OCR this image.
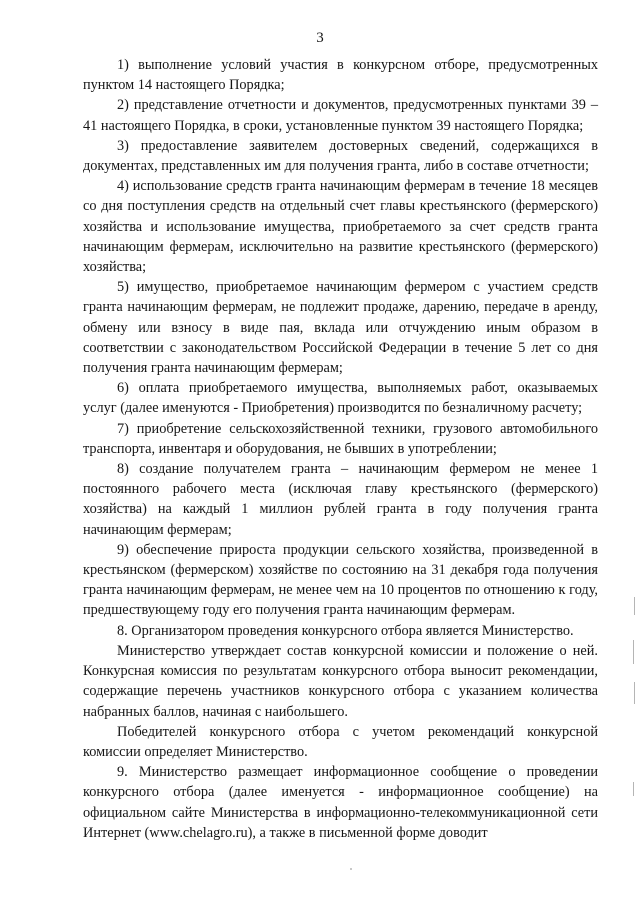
3

1) выполнение условий участия в конкурсном отборе, предусмотренных пунктом 14 настоящего Порядка;

2) представление отчетности и документов, предусмотренных пунктами 39 – 41 настоящего Порядка, в сроки, установленные пунктом 39 настоящего Порядка;

3) предоставление заявителем достоверных сведений, содержащихся в документах, представленных им для получения гранта, либо в составе отчетности;

4) использование средств гранта начинающим фермерам в течение 18 месяцев со дня поступления средств на отдельный счет главы крестьянского (фермерского) хозяйства и использование имущества, приобретаемого за счет средств гранта начинающим фермерам, исключительно на развитие крестьянского (фермерского) хозяйства;

5) имущество, приобретаемое начинающим фермером с участием средств гранта начинающим фермерам, не подлежит продаже, дарению, передаче в аренду, обмену или взносу в виде пая, вклада или отчуждению иным образом в соответствии с законодательством Российской Федерации в течение 5 лет со дня получения гранта начинающим фермерам;

6) оплата приобретаемого имущества, выполняемых работ, оказываемых услуг (далее именуются - Приобретения) производится по безналичному расчету;

7) приобретение сельскохозяйственной техники, грузового автомобильного транспорта, инвентаря и оборудования, не бывших в употреблении;

8) создание получателем гранта – начинающим фермером не менее 1 постоянного рабочего места (исключая главу крестьянского (фермерского) хозяйства) на каждый 1 миллион рублей гранта в году получения гранта начинающим фермерам;

9) обеспечение прироста продукции сельского хозяйства, произведенной в крестьянском (фермерском) хозяйстве по состоянию на 31 декабря года получения гранта начинающим фермерам, не менее чем на 10 процентов по отношению к году, предшествующему году его получения гранта начинающим фермерам.

8. Организатором проведения конкурсного отбора является Министерство.

Министерство утверждает состав конкурсной комиссии и положение о ней. Конкурсная комиссия по результатам конкурсного отбора выносит рекомендации, содержащие перечень участников конкурсного отбора с указанием количества набранных баллов, начиная с наибольшего.

Победителей конкурсного отбора с учетом рекомендаций конкурсной комиссии определяет Министерство.

9. Министерство размещает информационное сообщение о проведении конкурсного отбора (далее именуется - информационное сообщение) на официальном сайте Министерства в информационно-телекоммуникационной сети Интернет (www.chelagro.ru), а также в письменной форме доводит
